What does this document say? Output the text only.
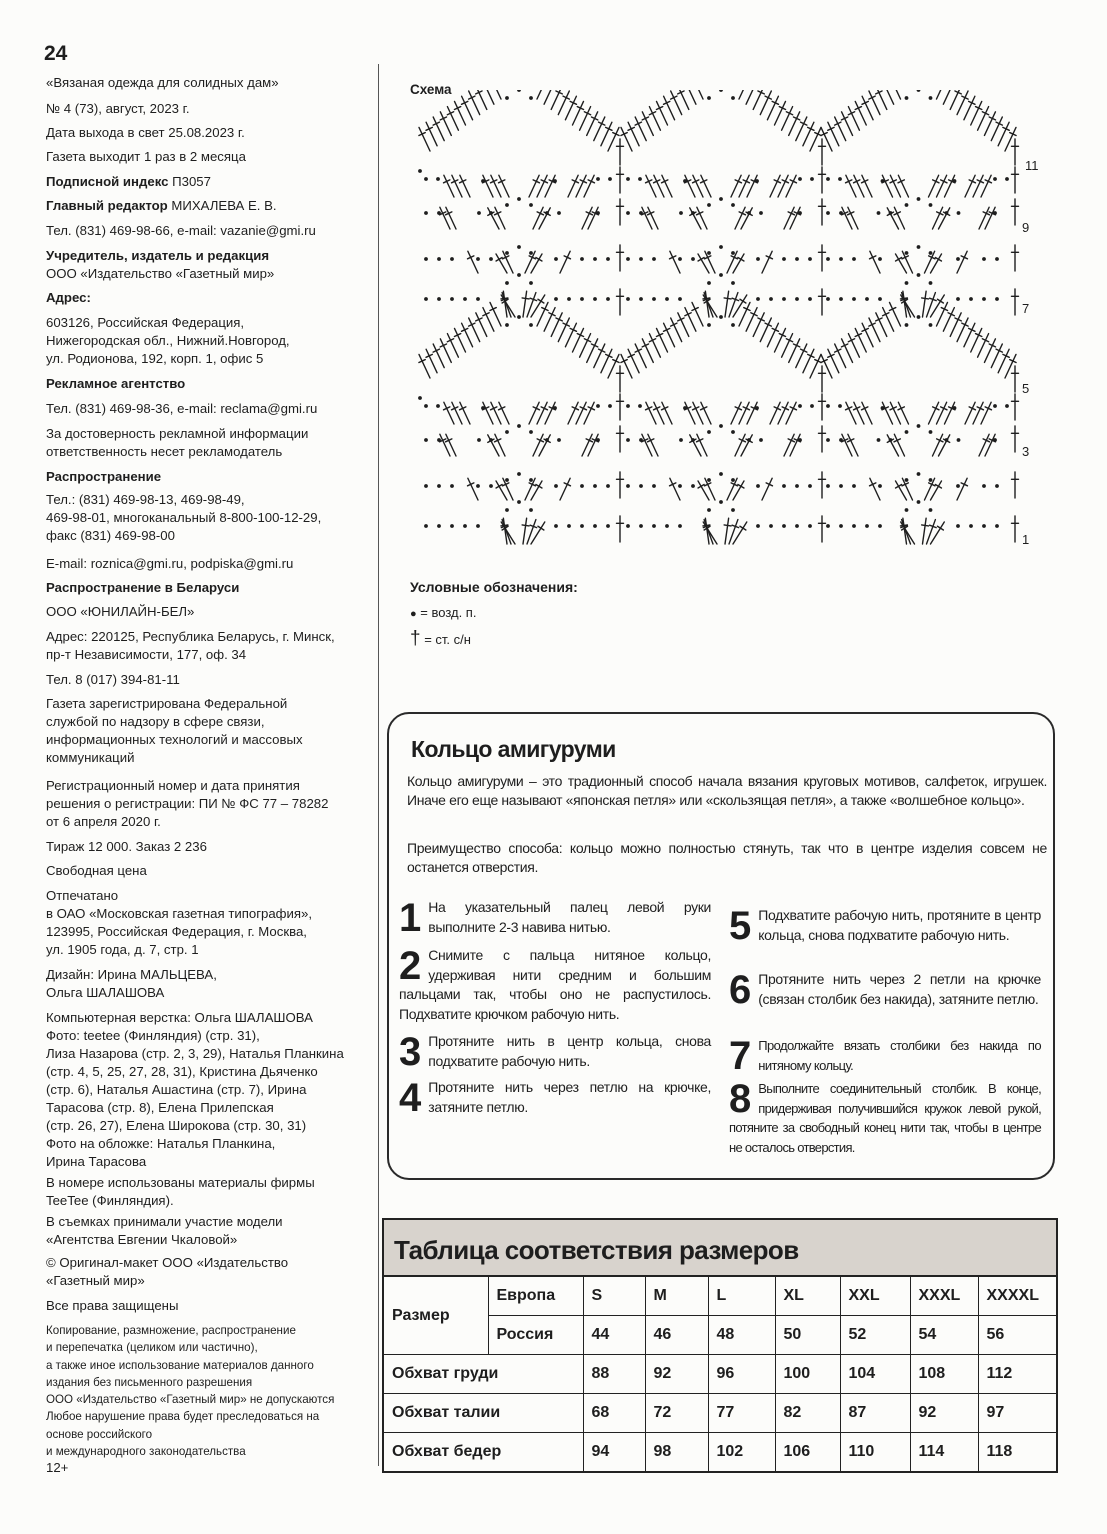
24
«Вязаная одежда для солидных дам»
№ 4 (73), август, 2023 г.
Дата выхода в свет 25.08.2023 г.
Газета выходит 1 раз в 2 месяца
Подписной индекс П3057
Главный редактор МИХАЛЕВА Е. В.
Тел. (831) 469-98-66, e-mail: vazanie@gmi.ru
Учредитель, издатель и редакция
ООО «Издательство «Газетный мир»
Адрес:
603126, Российская Федерация,
Нижегородская обл., Нижний.Новгород,
ул. Родионова, 192, корп. 1, офис 5
Рекламное агентство
Тел. (831) 469-98-36, e-mail: reclama@gmi.ru
За достоверность рекламной информации
ответственность несет рекламодатель
Распространение
Тел.: (831) 469-98-13, 469-98-49,
469-98-01, многоканальный 8-800-100-12-29,
факс (831) 469-98-00
E-mail: roznica@gmi.ru, podpiska@gmi.ru
Распространение в Беларуси
ООО «ЮНИЛАЙН-БЕЛ»
Адрес: 220125, Республика Беларусь, г. Минск,
пр-т Независимости, 177, оф. 34
Тел. 8 (017) 394-81-11
Газета зарегистрирована Федеральной
службой по надзору в сфере связи,
информационных технологий и массовых
коммуникаций
Регистрационный номер и дата принятия
решения о регистрации: ПИ № ФС 77 – 78282
от 6 апреля 2020 г.
Тираж 12 000. Заказ 2 236
Свободная цена
Отпечатано
в ОАО «Московская газетная типография»,
123995, Российская Федерация, г. Москва,
ул. 1905 года, д. 7, стр. 1
Дизайн: Ирина МАЛЬЦЕВА,
Ольга ШАЛАШОВА
Компьютерная верстка: Ольга ШАЛАШОВА
Фото: teetee (Финляндия) (стр. 31),
Лиза Назарова (стр. 2, 3, 29), Наталья Планкина
(стр. 4, 5, 25, 27, 28, 31), Кристина Дьяченко
(стр. 6), Наталья Ашастина (стр. 7), Ирина
Тарасова (стр. 8), Елена Прилепская
(стр. 26, 27), Елена Широкова (стр. 30, 31)
Фото на обложке: Наталья Планкина,
Ирина Тарасова
В номере использованы материалы фирмы
TeeTee (Финляндия).
В съемках принимали участие модели
«Агентства Евгении Чкаловой»
© Оригинал-макет ООО «Издательство
«Газетный мир»
Все права защищены
Копирование, размножение, распространение
и перепечатка (целиком или частично),
а также иное использование материалов данного
издания без письменного разрешения
ООО «Издательство «Газетный мир» не допускаются
Любое нарушение права будет преследоваться на
основе российского
и международного законодательства
12+
Схема
11
9
7
5
3
1
Условные обозначения:
● = возд. п.
† = ст. с/н
Кольцо амигуруми
Кольцо амигуруми – это традионный способ начала вязания круговых мотивов, салфеток, игрушек. Иначе его еще называют «японская петля» или «скользящая петля», а также «волшебное кольцо».
Преимущество способа: кольцо можно полностью стянуть, так что в центре изделия совсем не останется отверстия.
1 На указательный палец левой руки выполните 2-3 навива нитью.
2 Снимите с пальца нитяное кольцо, удерживая нити средним и большим пальцами так, чтобы оно не распустилось. Подхватите крючком рабочую нить.
3 Протяните нить в центр кольца, снова подхватите рабочую нить.
4 Протяните нить через петлю на крючке, затяните петлю.
5 Подхватите рабочую нить, протяните в центр кольца, снова подхватите рабочую нить.
6 Протяните нить через 2 петли на крючке (связан столбик без накида), затяните петлю.
7 Продолжайте вязать столбики без накида по нитяному кольцу.
8 Выполните соединительный столбик. В конце, придерживая получившийся кружок левой рукой, потяните за свободный конец нити так, чтобы в центре не осталось отверстия.
Таблица соответствия размеров
Размер	Европа	S	M	L	XL	XXL	XXXL	XXXXL
	Россия	44	46	48	50	52	54	56
Обхват груди		88	92	96	100	104	108	112
Обхват талии		68	72	77	82	87	92	97
Обхват бедер		94	98	102	106	110	114	118
